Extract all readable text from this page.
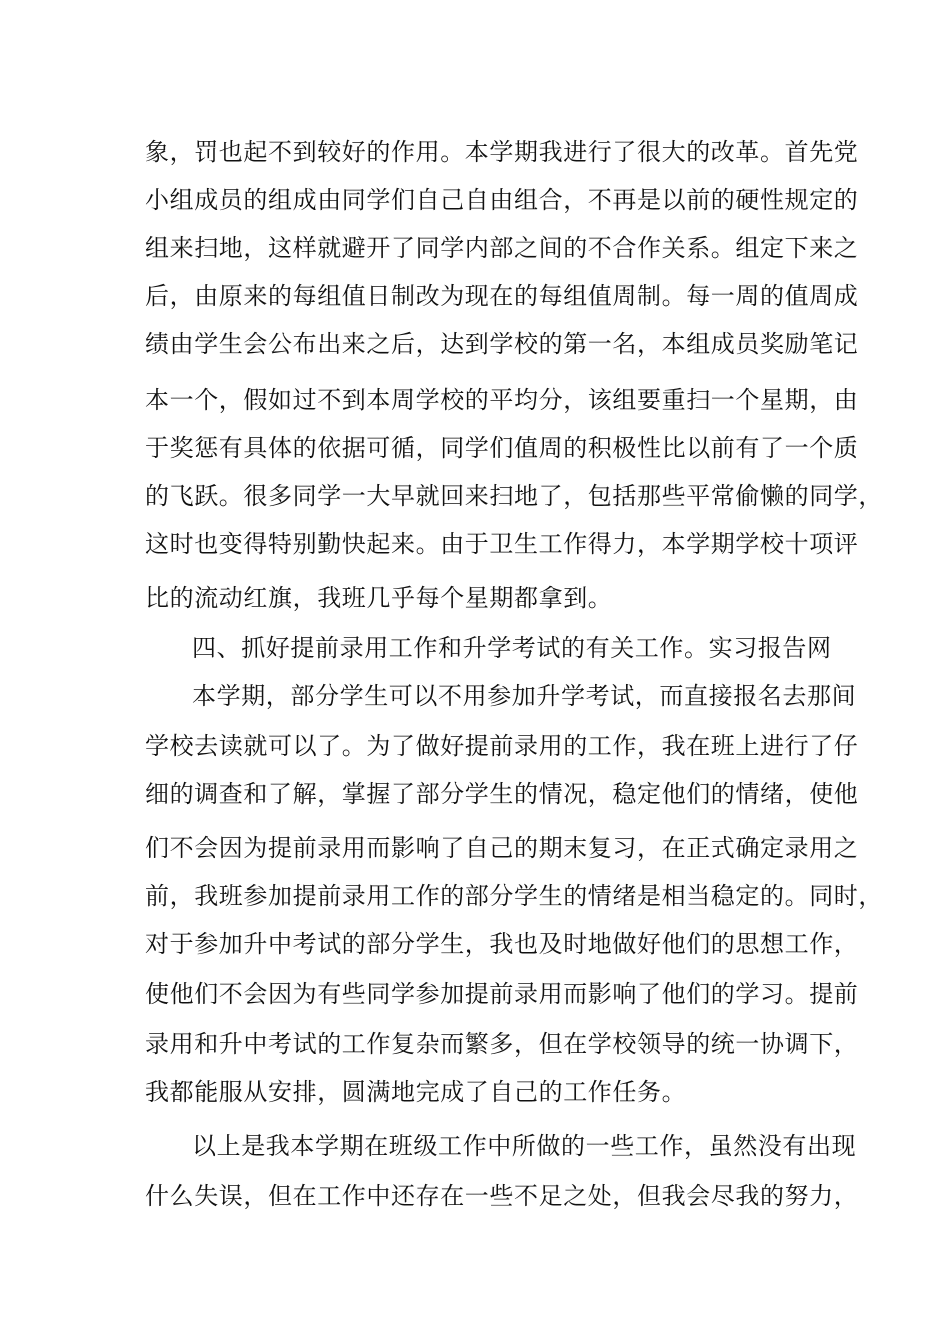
象，罚也起不到较好的作用。本学期我进行了很大的改革。首先党
小组成员的组成由同学们自己自由组合，不再是以前的硬性规定的
组来扫地，这样就避开了同学内部之间的不合作关系。组定下来之
后，由原来的每组值日制改为现在的每组值周制。每一周的值周成
绩由学生会公布出来之后，达到学校的第一名，本组成员奖励笔记
本一个，假如过不到本周学校的平均分，该组要重扫一个星期，由
于奖惩有具体的依据可循，同学们值周的积极性比以前有了一个质
的飞跃。很多同学一大早就回来扫地了，包括那些平常偷懒的同学，
这时也变得特别勤快起来。由于卫生工作得力，本学期学校十项评
比的流动红旗，我班几乎每个星期都拿到。
四、抓好提前录用工作和升学考试的有关工作。实习报告网
本学期，部分学生可以不用参加升学考试，而直接报名去那间
学校去读就可以了。为了做好提前录用的工作，我在班上进行了仔
细的调查和了解，掌握了部分学生的情况，稳定他们的情绪，使他
们不会因为提前录用而影响了自己的期末复习，在正式确定录用之
前，我班参加提前录用工作的部分学生的情绪是相当稳定的。同时，
对于参加升中考试的部分学生，我也及时地做好他们的思想工作，
使他们不会因为有些同学参加提前录用而影响了他们的学习。提前
录用和升中考试的工作复杂而繁多，但在学校领导的统一协调下，
我都能服从安排，圆满地完成了自己的工作任务。
以上是我本学期在班级工作中所做的一些工作，虽然没有出现
什么失误，但在工作中还存在一些不足之处，但我会尽我的努力，
